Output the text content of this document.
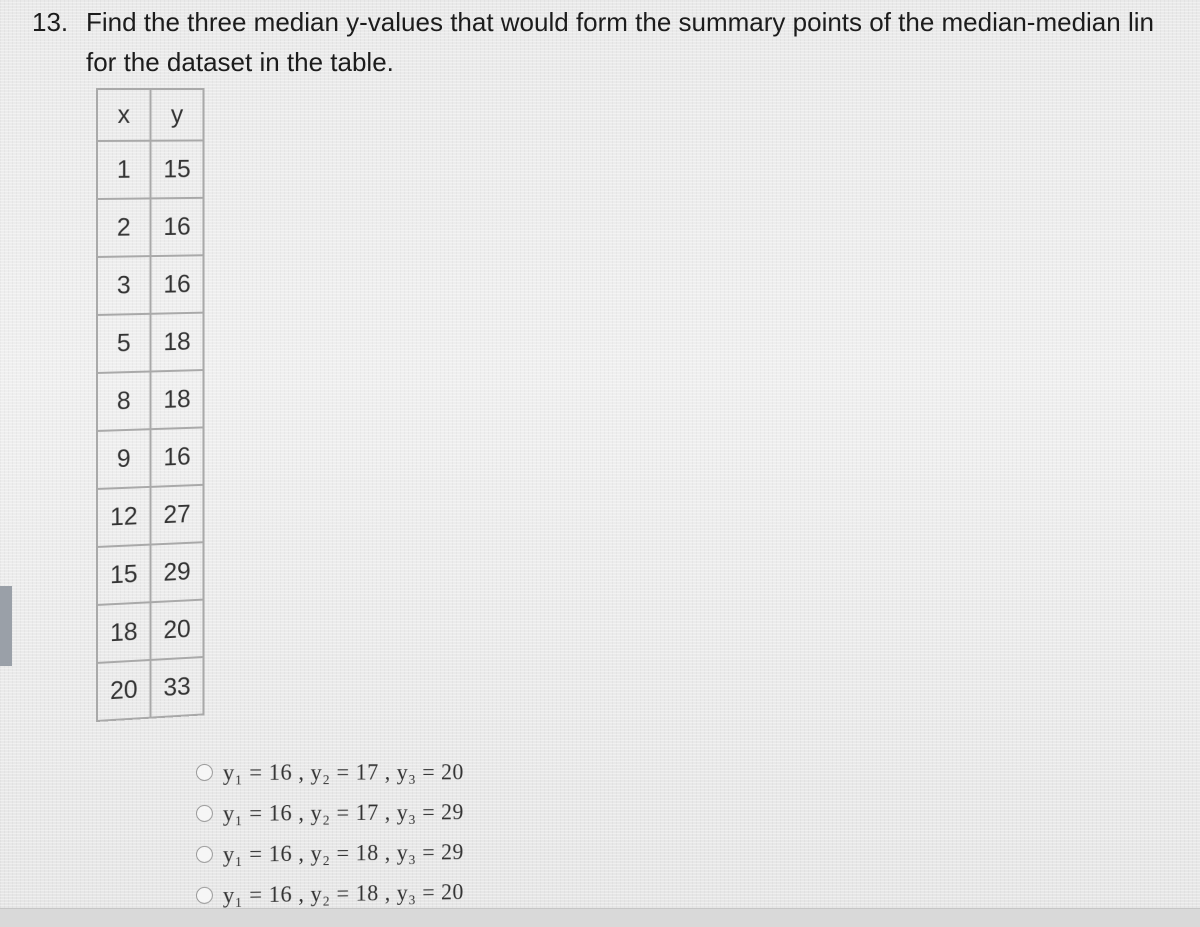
13. Find the three median y-values that would form the summary points of the median-median lin
for the dataset in the table.
x	y
1	15
2	16
3	16
5	18
8	18
9	16
12	27
15	29
18	20
20	33
y₁ = 16 , y₂ = 17 , y₃ = 20
y₁ = 16 , y₂ = 17 , y₃ = 29
y₁ = 16 , y₂ = 18 , y₃ = 29
y₁ = 16 , y₂ = 18 , y₃ = 20
